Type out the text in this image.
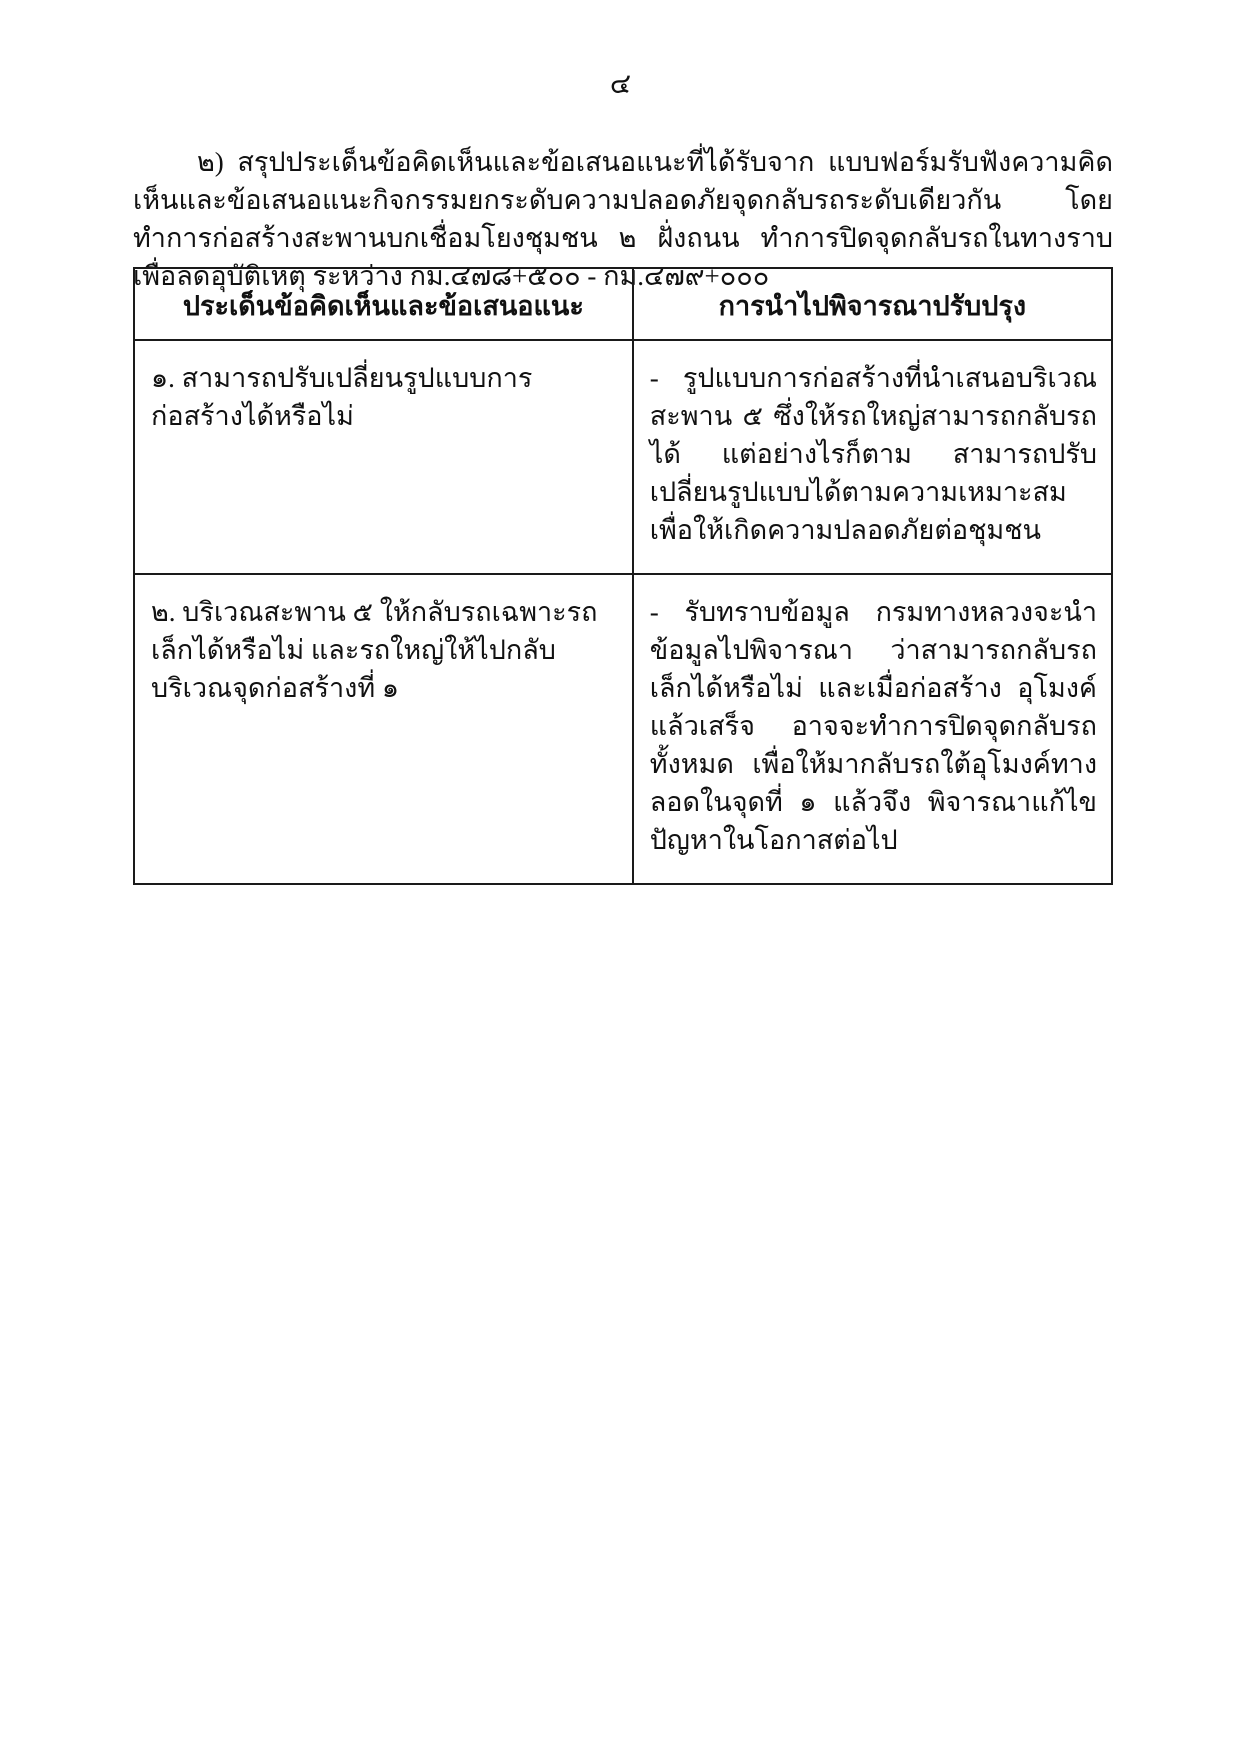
๔

๒) สรุปประเด็นข้อคิดเห็นและข้อเสนอแนะที่ได้รับจาก แบบฟอร์มรับฟังความคิดเห็นและข้อเสนอแนะกิจกรรมยกระดับความปลอดภัยจุดกลับรถระดับเดียวกัน โดยทำการก่อสร้างสะพานบกเชื่อมโยงชุมชน ๒ ฝั่งถนน ทำการปิดจุดกลับรถในทางราบเพื่อลดอุบัติเหตุ ระหว่าง กม.๔๗๘+๕๐๐ - กม.๔๗๙+๐๐๐

ประเด็นข้อคิดเห็นและข้อเสนอแนะ	การนำไปพิจารณาปรับปรุง
๑. สามารถปรับเปลี่ยนรูปแบบการก่อสร้างได้หรือไม่	- รูปแบบการก่อสร้างที่นำเสนอบริเวณสะพาน ๕ ซึ่งให้รถใหญ่สามารถกลับรถได้ แต่อย่างไรก็ตาม สามารถปรับเปลี่ยนรูปแบบได้ตามความเหมาะสม เพื่อให้เกิดความปลอดภัยต่อชุมชน
๒. บริเวณสะพาน ๕ ให้กลับรถเฉพาะรถเล็กได้หรือไม่ และรถใหญ่ให้ไปกลับบริเวณจุดก่อสร้างที่ ๑	- รับทราบข้อมูล กรมทางหลวงจะนำข้อมูลไปพิจารณา ว่าสามารถกลับรถเล็กได้หรือไม่ และเมื่อก่อสร้าง อุโมงค์แล้วเสร็จ อาจจะทำการปิดจุดกลับรถทั้งหมด เพื่อให้มากลับรถใต้อุโมงค์ทางลอดในจุดที่ ๑ แล้วจึง พิจารณาแก้ไขปัญหาในโอกาสต่อไป
